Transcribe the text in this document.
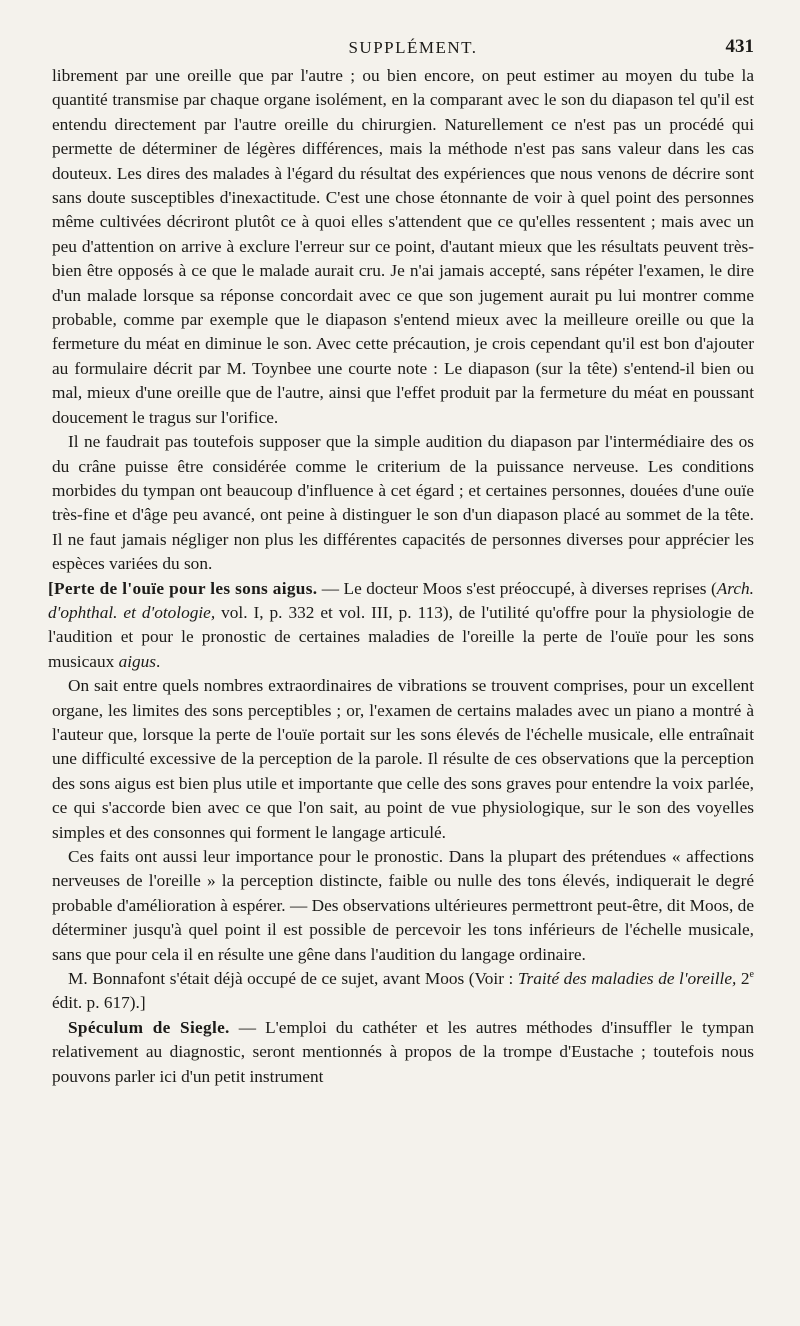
SUPPLÉMENT.	431

librement par une oreille que par l'autre ; ou bien encore, on peut estimer au moyen du tube la quantité transmise par chaque organe isolément, en la comparant avec le son du diapason tel qu'il est entendu directement par l'autre oreille du chirurgien. Naturellement ce n'est pas un procédé qui permette de déterminer de légères différences, mais la méthode n'est pas sans valeur dans les cas douteux. Les dires des malades à l'égard du résultat des expériences que nous venons de décrire sont sans doute susceptibles d'inexactitude. C'est une chose étonnante de voir à quel point des personnes même cultivées décriront plutôt ce à quoi elles s'attendent que ce qu'elles ressentent ; mais avec un peu d'attention on arrive à exclure l'erreur sur ce point, d'autant mieux que les résultats peuvent très-bien être opposés à ce que le malade aurait cru. Je n'ai jamais accepté, sans répéter l'examen, le dire d'un malade lorsque sa réponse concordait avec ce que son jugement aurait pu lui montrer comme probable, comme par exemple que le diapason s'entend mieux avec la meilleure oreille ou que la fermeture du méat en diminue le son. Avec cette précaution, je crois cependant qu'il est bon d'ajouter au formulaire décrit par M. Toynbee une courte note : Le diapason (sur la tête) s'entend-il bien ou mal, mieux d'une oreille que de l'autre, ainsi que l'effet produit par la fermeture du méat en poussant doucement le tragus sur l'orifice.

Il ne faudrait pas toutefois supposer que la simple audition du diapason par l'intermédiaire des os du crâne puisse être considérée comme le criterium de la puissance nerveuse. Les conditions morbides du tympan ont beaucoup d'influence à cet égard ; et certaines personnes, douées d'une ouïe très-fine et d'âge peu avancé, ont peine à distinguer le son d'un diapason placé au sommet de la tête. Il ne faut jamais négliger non plus les différentes capacités de personnes diverses pour apprécier les espèces variées du son.

[Perte de l'ouïe pour les sons aigus. — Le docteur Moos s'est préoccupé, à diverses reprises (Arch. d'ophthal. et d'otologie, vol. I, p. 332 et vol. III, p. 113), de l'utilité qu'offre pour la physiologie de l'audition et pour le pronostic de certaines maladies de l'oreille la perte de l'ouïe pour les sons musicaux aigus.

On sait entre quels nombres extraordinaires de vibrations se trouvent comprises, pour un excellent organe, les limites des sons perceptibles ; or, l'examen de certains malades avec un piano a montré à l'auteur que, lorsque la perte de l'ouïe portait sur les sons élevés de l'échelle musicale, elle entraînait une difficulté excessive de la perception de la parole. Il résulte de ces observations que la perception des sons aigus est bien plus utile et importante que celle des sons graves pour entendre la voix parlée, ce qui s'accorde bien avec ce que l'on sait, au point de vue physiologique, sur le son des voyelles simples et des consonnes qui forment le langage articulé.

Ces faits ont aussi leur importance pour le pronostic. Dans la plupart des prétendues « affections nerveuses de l'oreille » la perception distincte, faible ou nulle des tons élevés, indiquerait le degré probable d'amélioration à espérer. — Des observations ultérieures permettront peut-être, dit Moos, de déterminer jusqu'à quel point il est possible de percevoir les tons inférieurs de l'échelle musicale, sans que pour cela il en résulte une gêne dans l'audition du langage ordinaire.

M. Bonnafont s'était déjà occupé de ce sujet, avant Moos (Voir : Traité des maladies de l'oreille, 2e édit. p. 617).]

Spéculum de Siegle. — L'emploi du cathéter et les autres méthodes d'insuffler le tympan relativement au diagnostic, seront mentionnés à propos de la trompe d'Eustache ; toutefois nous pouvons parler ici d'un petit instrument
